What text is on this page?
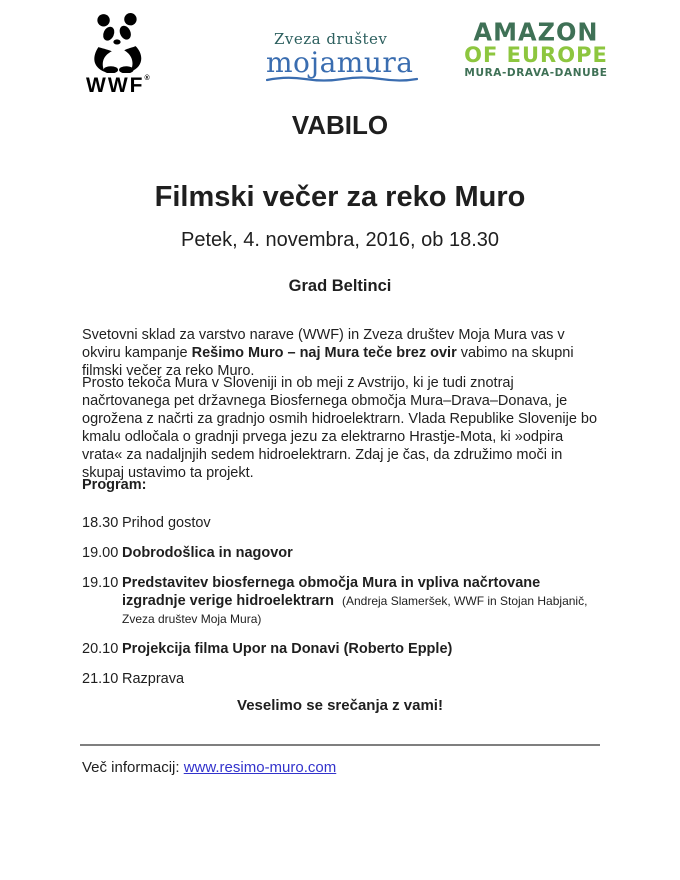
WWF®
Zveza društev
mojamura
AMAZON
OF EUROPE
MURA-DRAVA-DANUBE
VABILO
Filmski večer za reko Muro
Petek, 4. novembra, 2016, ob 18.30
Grad Beltinci
Svetovni sklad za varstvo narave (WWF) in Zveza društev Moja Mura vas v okviru kampanje Rešimo Muro – naj Mura teče brez ovir vabimo na skupni filmski večer za reko Muro.
Prosto tekoča Mura v Sloveniji in ob meji z Avstrijo, ki je tudi znotraj načrtovanega pet državnega Biosfernega območja Mura–Drava–Donava, je ogrožena z načrti za gradnjo osmih hidroelektrarn. Vlada Republike Slovenije bo kmalu odločala o gradnji prvega jezu za elektrarno Hrastje-Mota, ki »odpira vrata« za nadaljnjih sedem hidroelektrarn. Zdaj je čas, da združimo moči in skupaj ustavimo ta projekt.
Program:
18.30 Prihod gostov
19.00 Dobrodošlica in nagovor
19.10 Predstavitev biosfernega območja Mura in vpliva načrtovane izgradnje verige hidroelektrarn (Andreja Slameršek, WWF in Stojan Habjanič, Zveza društev Moja Mura)
20.10 Projekcija filma Upor na Donavi (Roberto Epple)
21.10 Razprava
Veselimo se srečanja z vami!
Več informacij: www.resimo-muro.com
